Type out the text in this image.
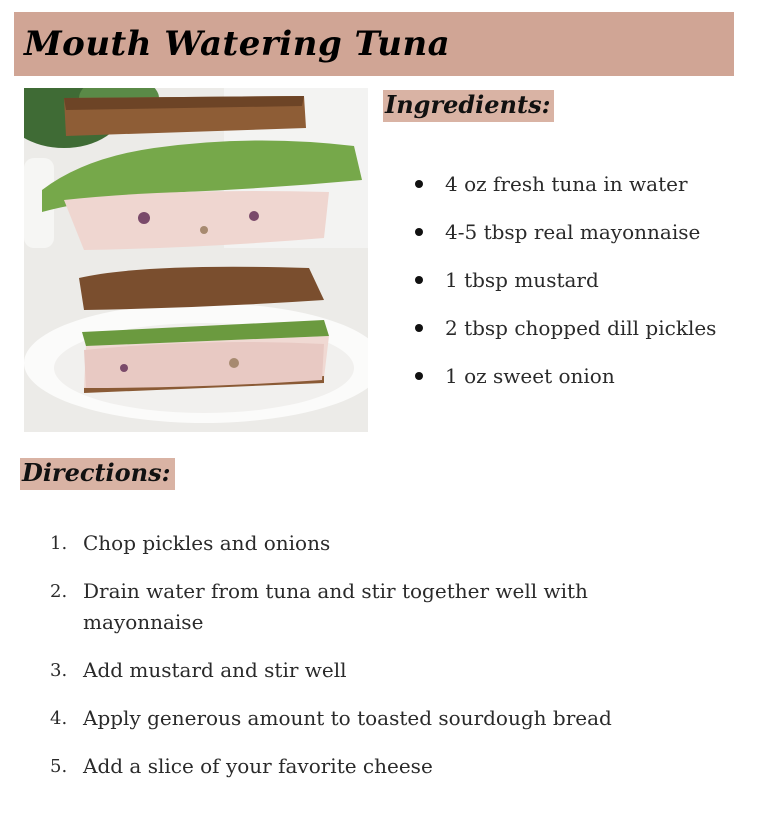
Mouth Watering Tuna
Ingredients:
4 oz fresh tuna in water
4-5 tbsp real mayonnaise
1 tbsp mustard
2 tbsp chopped dill pickles
1 oz sweet onion
Directions:
1. Chop pickles and onions
2. Drain water from tuna and stir together well with mayonnaise
3. Add mustard and stir well
4. Apply generous amount to toasted sourdough bread
5. Add a slice of your favorite cheese
